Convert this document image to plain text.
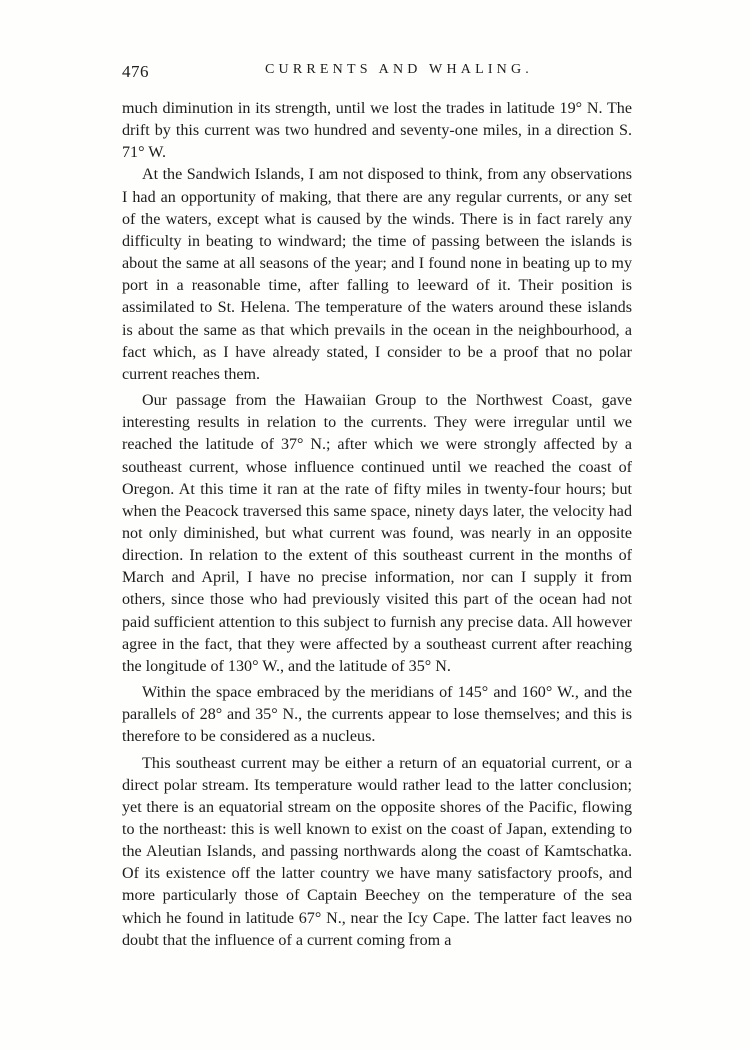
476	CURRENTS AND WHALING.

much diminution in its strength, until we lost the trades in latitude 19° N. The drift by this current was two hundred and seventy-one miles, in a direction S. 71° W.

At the Sandwich Islands, I am not disposed to think, from any observations I had an opportunity of making, that there are any regular currents, or any set of the waters, except what is caused by the winds. There is in fact rarely any difficulty in beating to windward; the time of passing between the islands is about the same at all seasons of the year; and I found none in beating up to my port in a reasonable time, after falling to leeward of it. Their position is assimilated to St. Helena. The temperature of the waters around these islands is about the same as that which prevails in the ocean in the neighbourhood, a fact which, as I have already stated, I consider to be a proof that no polar current reaches them.

Our passage from the Hawaiian Group to the Northwest Coast, gave interesting results in relation to the currents. They were irregular until we reached the latitude of 37° N.; after which we were strongly affected by a southeast current, whose influence continued until we reached the coast of Oregon. At this time it ran at the rate of fifty miles in twenty-four hours; but when the Peacock traversed this same space, ninety days later, the velocity had not only diminished, but what current was found, was nearly in an opposite direction. In relation to the extent of this southeast current in the months of March and April, I have no precise information, nor can I supply it from others, since those who had previously visited this part of the ocean had not paid sufficient attention to this subject to furnish any precise data. All however agree in the fact, that they were affected by a southeast current after reaching the longitude of 130° W., and the latitude of 35° N.

Within the space embraced by the meridians of 145° and 160° W., and the parallels of 28° and 35° N., the currents appear to lose themselves; and this is therefore to be considered as a nucleus.

This southeast current may be either a return of an equatorial current, or a direct polar stream. Its temperature would rather lead to the latter conclusion; yet there is an equatorial stream on the opposite shores of the Pacific, flowing to the northeast: this is well known to exist on the coast of Japan, extending to the Aleutian Islands, and passing northwards along the coast of Kamtschatka. Of its existence off the latter country we have many satisfactory proofs, and more particularly those of Captain Beechey on the temperature of the sea which he found in latitude 67° N., near the Icy Cape. The latter fact leaves no doubt that the influence of a current coming from a
